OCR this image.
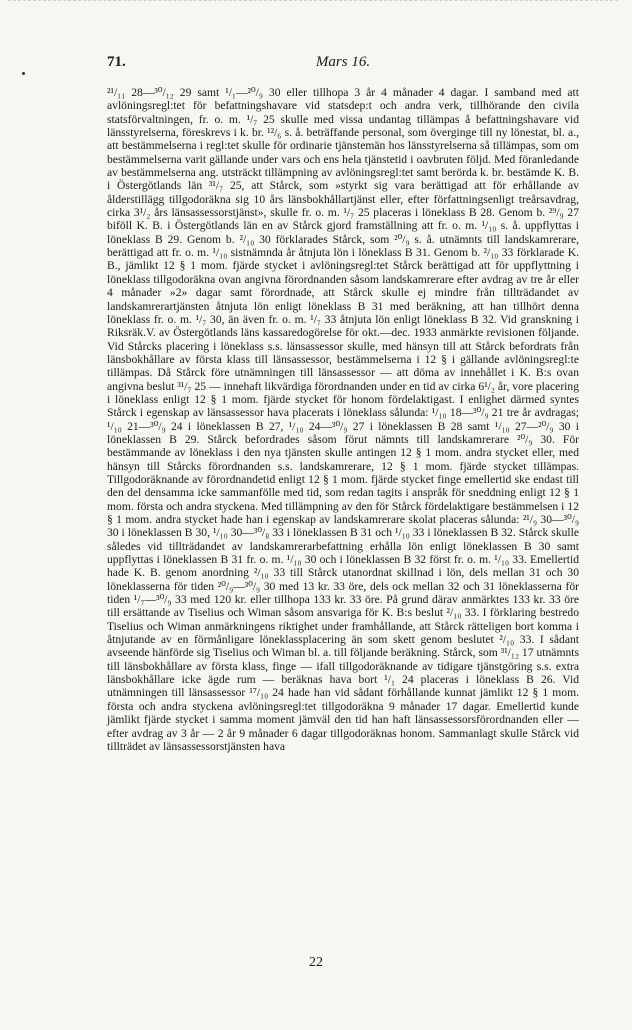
71.	Mars 16.

²¹/₁₁ 28—³⁰/₁₂ 29 samt ¹/₁—²⁰/₉ 30 eller tillhopa 3 år 4 månader 4 dagar. I samband med att avlöningsregl:tet för befattningshavare vid statsdep:t och andra verk, tillhörande den civila statsförvaltningen, fr. o. m. ¹/₇ 25 skulle med vissa undantag tillämpas å befattningshavare vid länsstyrelserna, föreskrevs i k. br. ¹²/₆ s. å. beträffande personal, som överginge till ny lönestat, bl. a., att bestämmelserna i regl:tet skulle för ordinarie tjänstemän hos länsstyrelserna så tillämpas, som om bestämmelserna varit gällande under vars och ens hela tjänstetid i oavbruten följd. Med föranledande av bestämmelserna ang. utsträckt tillämpning av avlöningsregl:tet samt berörda k. br. bestämde K. B. i Östergötlands län ³¹/₇ 25, att Stårck, som »styrkt sig vara berättigad att för erhållande av ålderstillägg tillgodoräkna sig 10 års länsbokhållartjänst eller, efter författningsenligt treårsavdrag, cirka 3¹/₂ års länsassessorstjänst», skulle fr. o. m. ¹/₇ 25 placeras i löneklass B 28. Genom b. ²⁹/₉ 27 biföll K. B. i Östergötlands län en av Stårck gjord framställning att fr. o. m. ¹/₁₀ s. å. uppflyttas i löneklass B 29. Genom b. ²/₁₀ 30 förklarades Stårck, som ²⁰/₉ s. å. utnämnts till landskamrerare, berättigad att fr. o. m. ¹/₁₀ sistnämnda år åtnjuta lön i löneklass B 31. Genom b. ²/₁₀ 33 förklarade K. B., jämlikt 12 § 1 mom. fjärde stycket i avlöningsregl:tet Stårck berättigad att för uppflyttning i löneklass tillgodoräkna ovan angivna förordnanden såsom landskamrerare efter avdrag av tre år eller 4 månader »2» dagar samt förordnade, att Stårck skulle ej mindre från tillträdandet av landskamrerartjänsten åtnjuta lön enligt löneklass B 31 med beräkning, att han tillhört denna löneklass fr. o. m. ¹/₇ 30, än även fr. o. m. ¹/₇ 33 åtnjuta lön enligt löneklass B 32. Vid granskning i Riksräk.V. av Östergötlands läns kassaredogörelse för okt.—dec. 1933 anmärkte revisionen följande. Vid Stårcks placering i löneklass s.s. länsassessor skulle, med hänsyn till att Stårck befordrats från länsbokhållare av första klass till länsassessor, bestämmelserna i 12 § i gällande avlöningsregl:te tillämpas. Då Stårck före utnämningen till länsassessor — att döma av innehållet i K. B:s ovan angivna beslut ³¹/₇ 25 — innehaft likvärdiga förordnanden under en tid av cirka 6¹/₂ år, vore placering i löneklass enligt 12 § 1 mom. fjärde stycket för honom fördelaktigast. I enlighet därmed syntes Stårck i egenskap av länsassessor hava placerats i löneklass sålunda: ¹/₁₀ 18—³⁰/₉ 21 tre år avdragas; ¹/₁₀ 21—³⁰/₉ 24 i löneklassen B 27, ¹/₁₀ 24—³⁰/₉ 27 i löneklassen B 28 samt ¹/₁₀ 27—²⁰/₉ 30 i löneklassen B 29. Stårck befordrades såsom förut nämnts till landskamrerare ²⁰/₉ 30. För bestämmande av löneklass i den nya tjänsten skulle antingen 12 § 1 mom. andra stycket eller, med hänsyn till Stårcks förordnanden s.s. landskamrerare, 12 § 1 mom. fjärde stycket tillämpas. Tillgodoräknande av förordnandetid enligt 12 § 1 mom. fjärde stycket finge emellertid ske endast till den del densamma icke sammanfölle med tid, som redan tagits i anspråk för sneddning enligt 12 § 1 mom. första och andra styckena. Med tillämpning av den för Stårck fördelaktigare bestämmelsen i 12 § 1 mom. andra stycket hade han i egenskap av landskamrerare skolat placeras sålunda: ²¹/₉ 30—³⁰/₉ 30 i löneklassen B 30, ¹/₁₀ 30—³⁰/₈ 33 i löneklassen B 31 och ¹/₁₀ 33 i löneklassen B 32. Stårck skulle således vid tillträdandet av landskamrerarbefattning erhålla lön enligt löneklassen B 30 samt uppflyttas i löneklassen B 31 fr. o. m. ¹/₁₀ 30 och i löneklassen B 32 först fr. o. m. ¹/₁₀ 33. Emellertid hade K. B. genom anordning ²/₁₀ 33 till Stårck utanordnat skillnad i lön, dels mellan 31 och 30 löneklasserna för tiden ²⁰/₉—³⁰/₉ 30 med 13 kr. 33 öre, dels ock mellan 32 och 31 löneklasserna för tiden ¹/₇—³⁰/₉ 33 med 120 kr. eller tillhopa 133 kr. 33 öre. På grund därav anmärktes 133 kr. 33 öre till ersättande av Tiselius och Wiman såsom ansvariga för K. B:s beslut ²/₁₀ 33. I förklaring bestredo Tiselius och Wiman anmärkningens riktighet under framhållande, att Stårck rätteligen bort komma i åtnjutande av en förmånligare löneklassplacering än som skett genom beslutet ²/₁₀ 33. I sådant avseende hänförde sig Tiselius och Wiman bl. a. till följande beräkning. Stårck, som ³¹/₁₂ 17 utnämnts till länsbokhållare av första klass, finge — ifall tillgodoräknande av tidigare tjänstgöring s.s. extra länsbokhållare icke ägde rum — beräknas hava bort ¹/₁ 24 placeras i löneklass B 26. Vid utnämningen till länsassessor ¹⁷/₁₀ 24 hade han vid sådant förhållande kunnat jämlikt 12 § 1 mom. första och andra styckena avlöningsregl:tet tillgodoräkna 9 månader 17 dagar. Emellertid kunde jämlikt fjärde stycket i samma moment jämväl den tid han haft länsassessorsförordnanden eller — efter avdrag av 3 år — 2 år 9 månader 6 dagar tillgodoräknas honom. Sammanlagt skulle Stårck vid tillträdet av länsassessorstjänsten hava

22
